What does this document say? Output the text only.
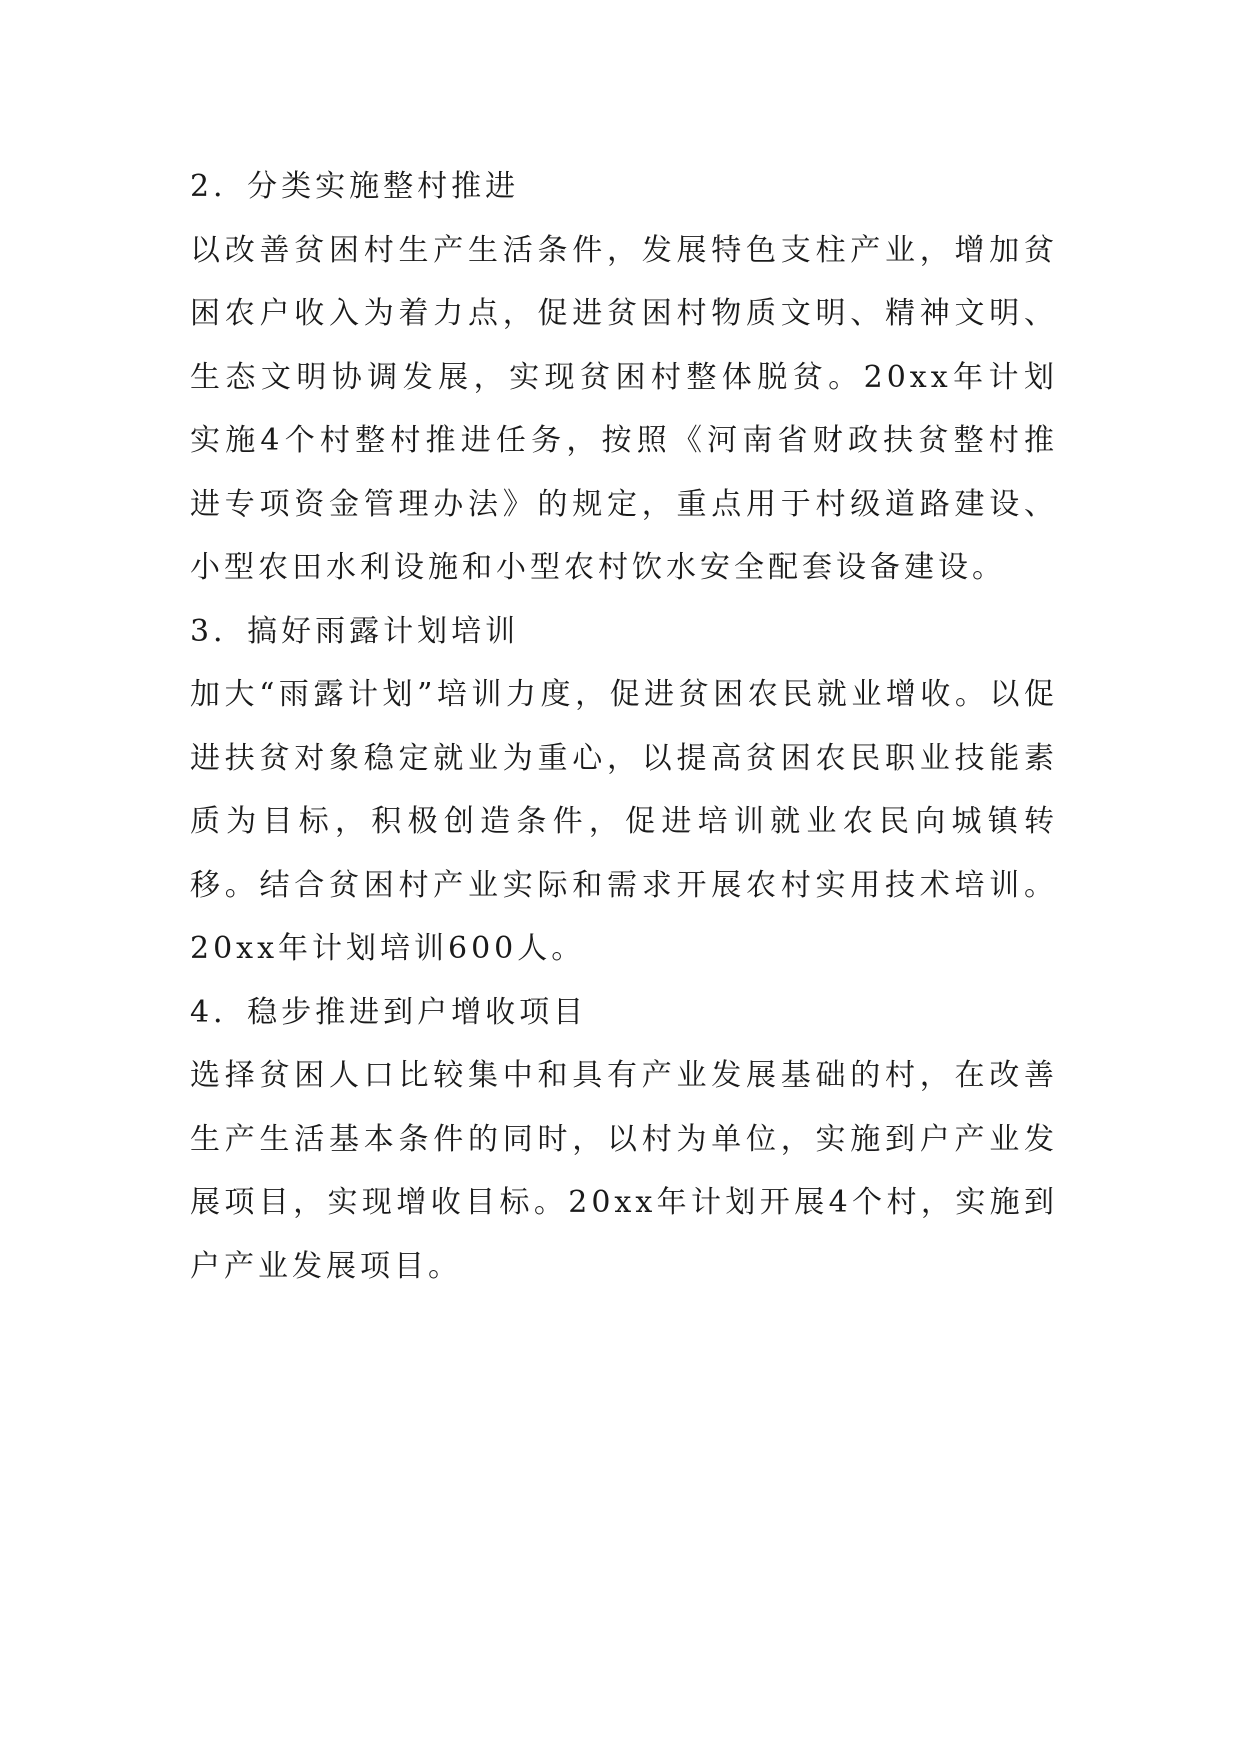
2．分类实施整村推进

以改善贫困村生产生活条件，发展特色支柱产业，增加贫困农户收入为着力点，促进贫困村物质文明、精神文明、生态文明协调发展，实现贫困村整体脱贫。20xx年计划实施4个村整村推进任务，按照《河南省财政扶贫整村推进专项资金管理办法》的规定，重点用于村级道路建设、小型农田水利设施和小型农村饮水安全配套设备建设。

3．搞好雨露计划培训

加大“雨露计划”培训力度，促进贫困农民就业增收。以促进扶贫对象稳定就业为重心，以提高贫困农民职业技能素质为目标，积极创造条件，促进培训就业农民向城镇转移。结合贫困村产业实际和需求开展农村实用技术培训。20xx年计划培训600人。

4．稳步推进到户增收项目

选择贫困人口比较集中和具有产业发展基础的村，在改善生产生活基本条件的同时，以村为单位，实施到户产业发展项目，实现增收目标。20xx年计划开展4个村，实施到户产业发展项目。
